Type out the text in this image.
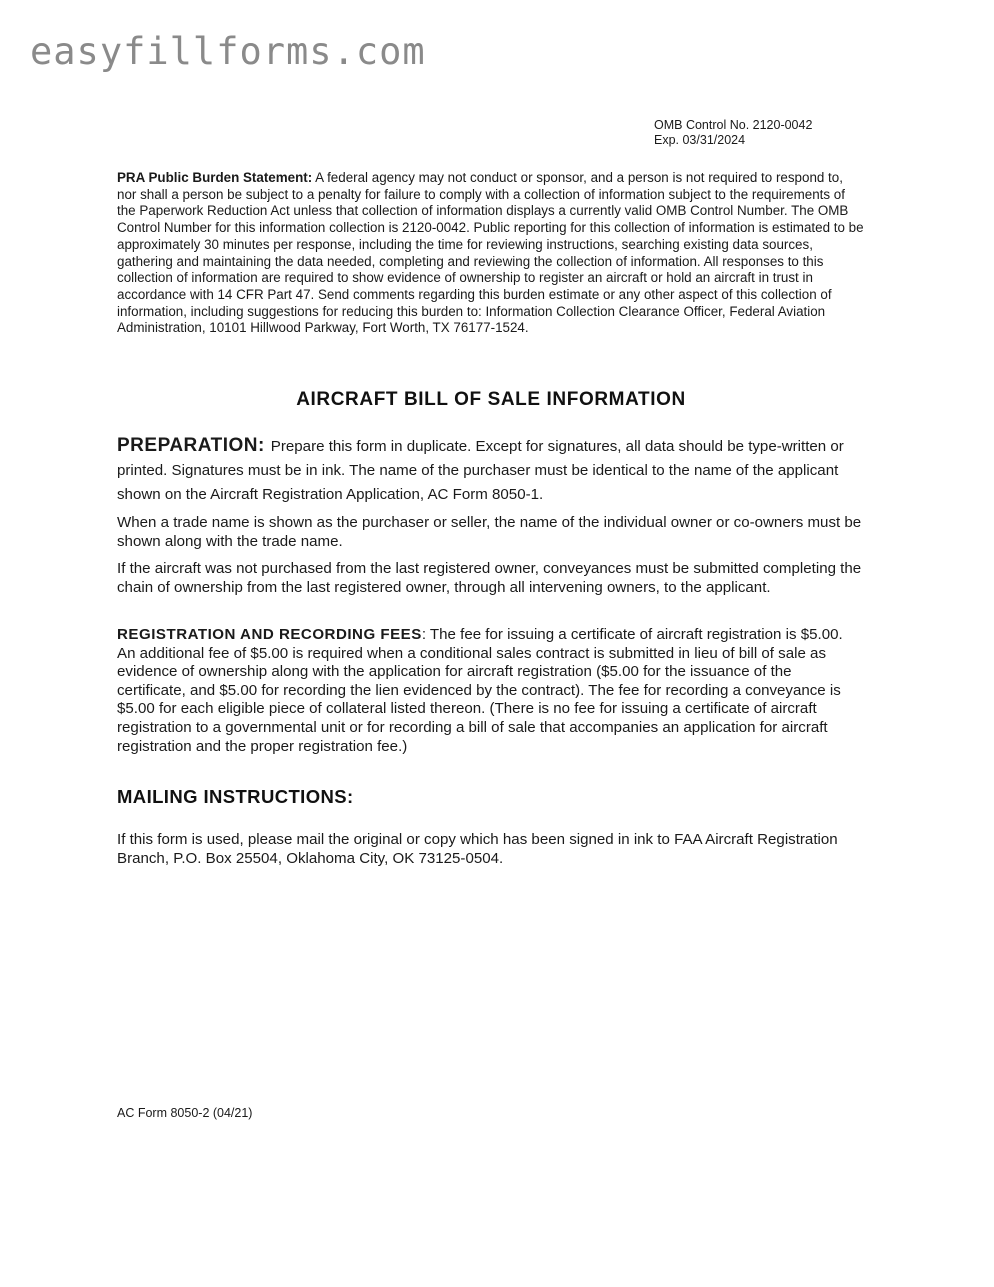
easyfillforms.com
OMB Control No. 2120-0042
Exp. 03/31/2024

PRA Public Burden Statement: A federal agency may not conduct or sponsor, and a person is not required to respond to, nor shall a person be subject to a penalty for failure to comply with a collection of information subject to the requirements of the Paperwork Reduction Act unless that collection of information displays a currently valid OMB Control Number. The OMB Control Number for this information collection is 2120-0042. Public reporting for this collection of information is estimated to be approximately 30 minutes per response, including the time for reviewing instructions, searching existing data sources, gathering and maintaining the data needed, completing and reviewing the collection of information. All responses to this collection of information are required to show evidence of ownership to register an aircraft or hold an aircraft in trust in accordance with 14 CFR Part 47. Send comments regarding this burden estimate or any other aspect of this collection of information, including suggestions for reducing this burden to: Information Collection Clearance Officer, Federal Aviation Administration, 10101 Hillwood Parkway, Fort Worth, TX 76177-1524.

AIRCRAFT BILL OF SALE INFORMATION

PREPARATION: Prepare this form in duplicate. Except for signatures, all data should be type-written or printed. Signatures must be in ink. The name of the purchaser must be identical to the name of the applicant shown on the Aircraft Registration Application, AC Form 8050-1.

When a trade name is shown as the purchaser or seller, the name of the individual owner or co-owners must be shown along with the trade name.

If the aircraft was not purchased from the last registered owner, conveyances must be submitted completing the chain of ownership from the last registered owner, through all intervening owners, to the applicant.

REGISTRATION AND RECORDING FEES: The fee for issuing a certificate of aircraft registration is $5.00. An additional fee of $5.00 is required when a conditional sales contract is submitted in lieu of bill of sale as evidence of ownership along with the application for aircraft registration ($5.00 for the issuance of the certificate, and $5.00 for recording the lien evidenced by the contract). The fee for recording a conveyance is $5.00 for each eligible piece of collateral listed thereon. (There is no fee for issuing a certificate of aircraft registration to a governmental unit or for recording a bill of sale that accompanies an application for aircraft registration and the proper registration fee.)

MAILING INSTRUCTIONS:

If this form is used, please mail the original or copy which has been signed in ink to FAA Aircraft Registration Branch, P.O. Box 25504, Oklahoma City, OK 73125-0504.

AC Form 8050-2 (04/21)
